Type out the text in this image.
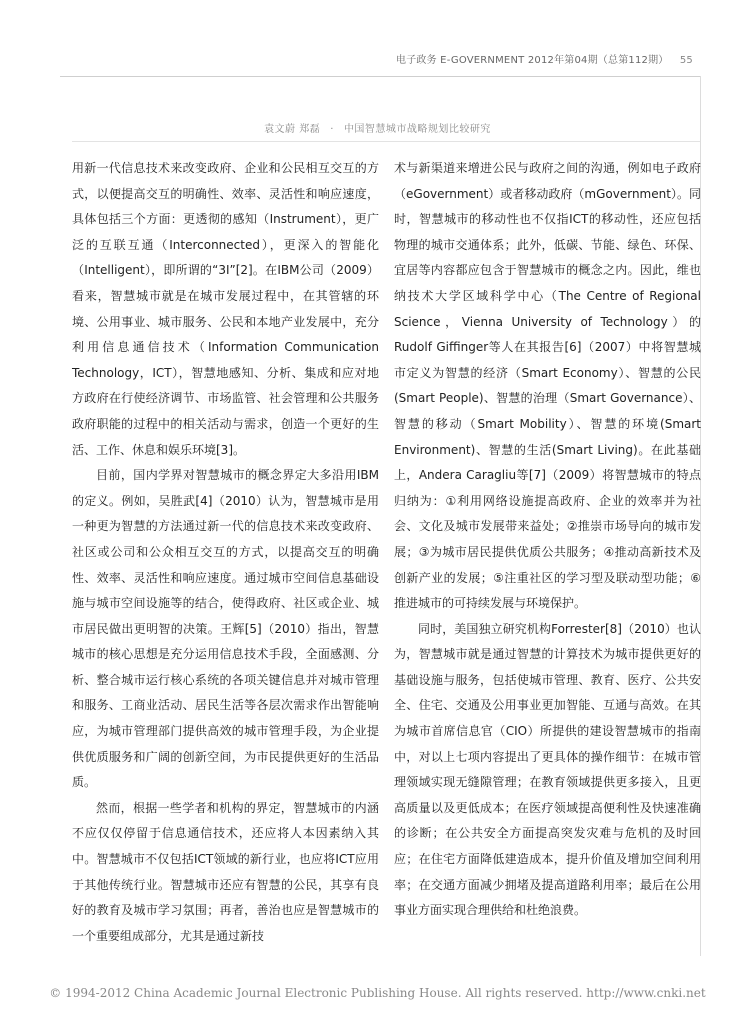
电子政务 E-GOVERNMENT 2012年第04期（总第112期） 55
袁文蔚 郑磊 · 中国智慧城市战略规划比较研究

用新一代信息技术来改变政府、企业和公民相互交互的方式，以便提高交互的明确性、效率、灵活性和响应速度，具体包括三个方面：更透彻的感知（Instrument），更广泛的互联互通（Interconnected），更深入的智能化（Intelligent），即所谓的“3I”[2]。在IBM公司（2009）看来，智慧城市就是在城市发展过程中，在其管辖的环境、公用事业、城市服务、公民和本地产业发展中，充分利用信息通信技术（Information Communication Technology，ICT），智慧地感知、分析、集成和应对地方政府在行使经济调节、市场监管、社会管理和公共服务政府职能的过程中的相关活动与需求，创造一个更好的生活、工作、休息和娱乐环境[3]。

目前，国内学界对智慧城市的概念界定大多沿用IBM的定义。例如，吴胜武[4]（2010）认为，智慧城市是用一种更为智慧的方法通过新一代的信息技术来改变政府、社区或公司和公众相互交互的方式，以提高交互的明确性、效率、灵活性和响应速度。通过城市空间信息基础设施与城市空间设施等的结合，使得政府、社区或企业、城市居民做出更明智的决策。王辉[5]（2010）指出，智慧城市的核心思想是充分运用信息技术手段，全面感测、分析、整合城市运行核心系统的各项关键信息并对城市管理和服务、工商业活动、居民生活等各层次需求作出智能响应，为城市管理部门提供高效的城市管理手段，为企业提供优质服务和广阔的创新空间，为市民提供更好的生活品质。

然而，根据一些学者和机构的界定，智慧城市的内涵不应仅仅停留于信息通信技术，还应将人本因素纳入其中。智慧城市不仅包括ICT领域的新行业，也应将ICT应用于其他传统行业。智慧城市还应有智慧的公民，其享有良好的教育及城市学习氛围；再者，善治也应是智慧城市的一个重要组成部分，尤其是通过新技

术与新渠道来增进公民与政府之间的沟通，例如电子政府（eGovernment）或者移动政府（mGovernment）。同时，智慧城市的移动性也不仅指ICT的移动性，还应包括物理的城市交通体系；此外，低碳、节能、绿色、环保、宜居等内容都应包含于智慧城市的概念之内。因此，维也纳技术大学区域科学中心（The Centre of Regional Science，Vienna University of Technology）的Rudolf Giffinger等人在其报告[6]（2007）中将智慧城市定义为智慧的经济（Smart Economy）、智慧的公民(Smart People)、智慧的治理（Smart Governance）、智慧的移动（Smart Mobility）、智慧的环境(Smart Environment)、智慧的生活(Smart Living)。在此基础上，Andera Caragliu等[7]（2009）将智慧城市的特点归纳为：①利用网络设施提高政府、企业的效率并为社会、文化及城市发展带来益处；②推崇市场导向的城市发展；③为城市居民提供优质公共服务；④推动高新技术及创新产业的发展；⑤注重社区的学习型及联动型功能；⑥推进城市的可持续发展与环境保护。

同时，美国独立研究机构Forrester[8]（2010）也认为，智慧城市就是通过智慧的计算技术为城市提供更好的基础设施与服务，包括使城市管理、教育、医疗、公共安全、住宅、交通及公用事业更加智能、互通与高效。在其为城市首席信息官（CIO）所提供的建设智慧城市的指南中，对以上七项内容提出了更具体的操作细节：在城市管理领域实现无缝隙管理；在教育领域提供更多接入，且更高质量以及更低成本；在医疗领域提高便利性及快速准确的诊断；在公共安全方面提高突发灾难与危机的及时回应；在住宅方面降低建造成本，提升价值及增加空间利用率；在交通方面减少拥堵及提高道路利用率；最后在公用事业方面实现合理供给和杜绝浪费。

© 1994-2012 China Academic Journal Electronic Publishing House. All rights reserved. http://www.cnki.net
